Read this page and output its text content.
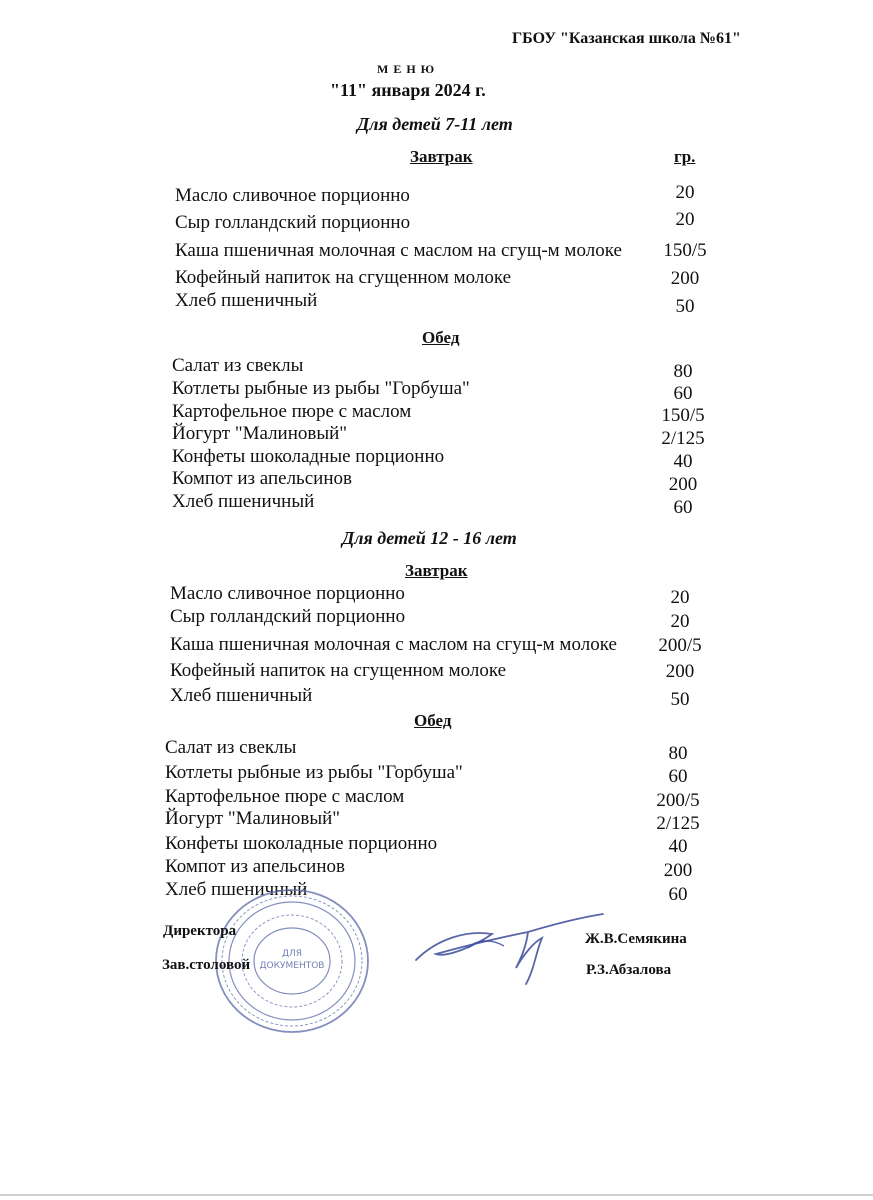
ГБОУ "Казанская школа №61"
М Е Н Ю
"11" января 2024 г.
Для детей 7-11 лет
Завтрак	гр.
Масло сливочное порционно	20
Сыр голландский порционно	20
Каша пшеничная молочная с маслом на сгущ-м молоке	150/5
Кофейный напиток на сгущенном молоке	200
Хлеб пшеничный	50
Обед
Салат из свеклы	80
Котлеты рыбные из рыбы "Горбуша"	60
Картофельное пюре с маслом	150/5
Йогурт "Малиновый"	2/125
Конфеты шоколадные порционно	40
Компот из апельсинов	200
Хлеб пшеничный	60
Для детей 12 - 16 лет
Завтрак
Масло сливочное порционно	20
Сыр голландский порционно	20
Каша пшеничная молочная с маслом на сгущ-м молоке	200/5
Кофейный напиток на сгущенном молоке	200
Хлеб пшеничный	50
Обед
Салат из свеклы	80
Котлеты рыбные из рыбы "Горбуша"	60
Картофельное пюре с маслом	200/5
Йогурт "Малиновый"	2/125
Конфеты шоколадные порционно	40
Компот из апельсинов	200
Хлеб пшеничный	60
ДЛЯ
ДОКУМЕНТОВ
Директора	Ж.В.Семякина
Зав.столовой	Р.З.Абзалова
